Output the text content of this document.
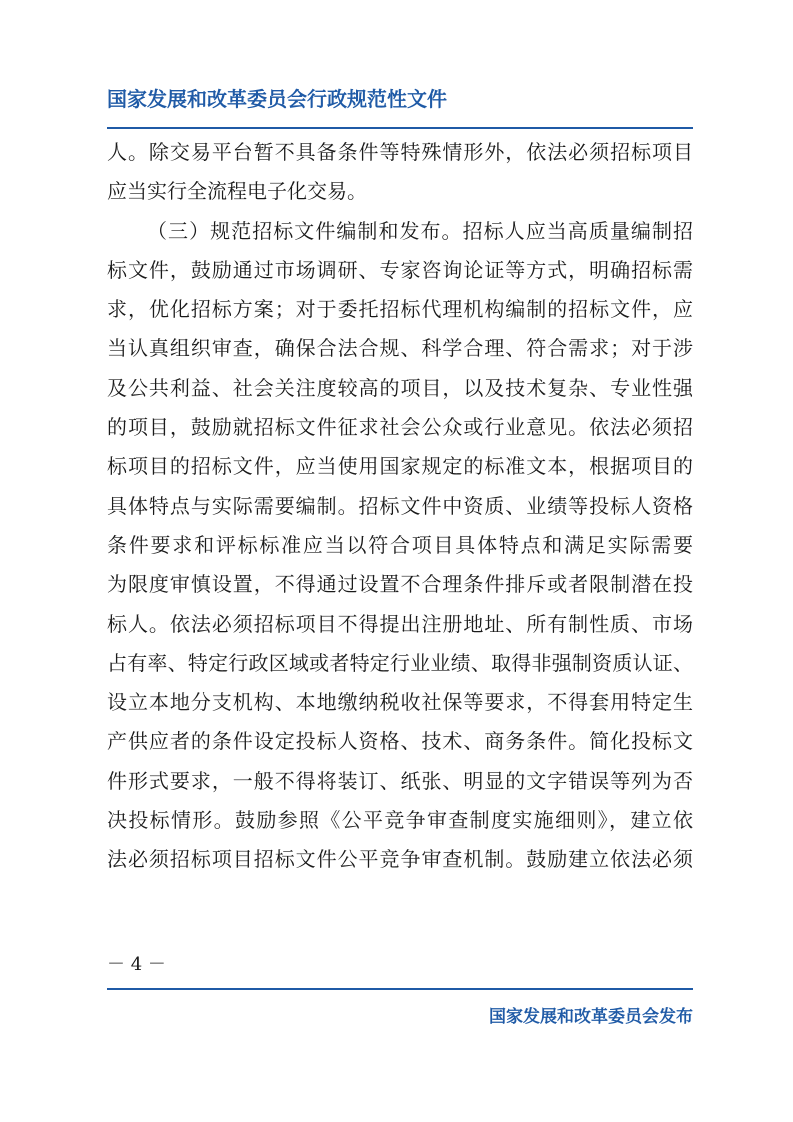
国家发展和改革委员会行政规范性文件
人。除交易平台暂不具备条件等特殊情形外，依法必须招标项目
应当实行全流程电子化交易。
（三）规范招标文件编制和发布。招标人应当高质量编制招
标文件，鼓励通过市场调研、专家咨询论证等方式，明确招标需
求，优化招标方案；对于委托招标代理机构编制的招标文件，应
当认真组织审查，确保合法合规、科学合理、符合需求；对于涉
及公共利益、社会关注度较高的项目，以及技术复杂、专业性强
的项目，鼓励就招标文件征求社会公众或行业意见。依法必须招
标项目的招标文件，应当使用国家规定的标准文本，根据项目的
具体特点与实际需要编制。招标文件中资质、业绩等投标人资格
条件要求和评标标准应当以符合项目具体特点和满足实际需要
为限度审慎设置，不得通过设置不合理条件排斥或者限制潜在投
标人。依法必须招标项目不得提出注册地址、所有制性质、市场
占有率、特定行政区域或者特定行业业绩、取得非强制资质认证、
设立本地分支机构、本地缴纳税收社保等要求，不得套用特定生
产供应者的条件设定投标人资格、技术、商务条件。简化投标文
件形式要求，一般不得将装订、纸张、明显的文字错误等列为否
决投标情形。鼓励参照《公平竞争审查制度实施细则》，建立依
法必须招标项目招标文件公平竞争审查机制。鼓励建立依法必须
－ 4 －
国家发展和改革委员会发布
